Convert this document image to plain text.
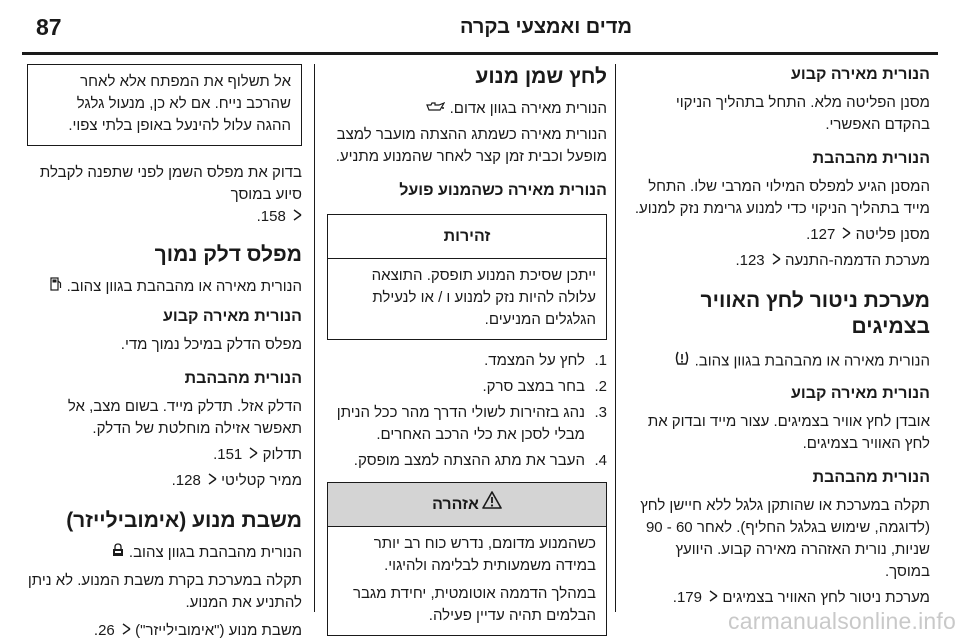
87	מדים ואמצעי בקרה
הנורית מאירה קבוע

מסנן הפליטה מלא. התחל בתהליך הניקוי בהקדם האפשרי.

הנורית מהבהבת

המסנן הגיע למפלס המילוי המרבי שלו. התחל מייד בתהליך הניקוי כדי למנוע גרימת נזק למנוע.

מסנן פליטה  127.

מערכת הדממה-התנעה  123.

מערכת ניטור לחץ האוויר בצמיגים

הנורית מאירה או מהבהבת בגוון צהוב.

הנורית מאירה קבוע

אובדן לחץ אוויר בצמיגים. עצור מייד ובדוק את לחץ האוויר בצמיגים.

הנורית מהבהבת

תקלה במערכת או שהותקן גלגל ללא חיישן לחץ (לדוגמה, שימוש בגלגל החליף). לאחר 60 - 90 שניות, נורית האזהרה מאירה קבוע. היוועץ במוסך.

מערכת ניטור לחץ האוויר בצמיגים  179.

לחץ שמן מנוע

הנורית מאירה בגוון אדום.

הנורית מאירה כשמתג ההצתה מועבר למצב מופעל וכבית זמן קצר לאחר שהמנוע מתניע.

הנורית מאירה כשהמנוע פועל
זהירות

ייתכן שסיכת המנוע תופסק. התוצאה עלולה להיות נזק למנוע ו / או לנעילת הגלגלים המניעים.

1.
לחץ על המצמד.
2.
בחר במצב סרק.
3.
נהג בזהירות לשולי הדרך מהר ככל הניתן מבלי לסכן את כלי הרכב האחרים.
4.
העבר את מתג ההצתה למצב מופסק.
אזהרה

כשהמנוע מדומם, נדרש כוח רב יותר במידה משמעותית לבלימה ולהיגוי.

במהלך הדממה אוטומטית, יחידת מגבר הבלמים תהיה עדיין פעילה.

אל תשלוף את המפתח אלא לאחר שהרכב נייח. אם לא כן, מנעול גלגל ההגה עלול להינעל באופן בלתי צפוי.

בדוק את מפלס השמן לפני שתפנה לקבלת סיוע במוסך

158.

מפלס דלק נמוך

הנורית מאירה או מהבהבת בגוון צהוב.

הנורית מאירה קבוע

מפלס הדלק במיכל נמוך מדי.

הנורית מהבהבת

הדלק אזל. תדלק מייד. בשום מצב, אל תאפשר אזילה מוחלטת של הדלק.

תדלוק  151.

ממיר קטליטי  128.

משבת מנוע (אימובילייזר)

הנורית מהבהבת בגוון צהוב.

תקלה במערכת בקרת משבת המנוע. לא ניתן להתניע את המנוע.

משבת מנוע ("אימובילייזר")  26.	carmanualsonline.info
